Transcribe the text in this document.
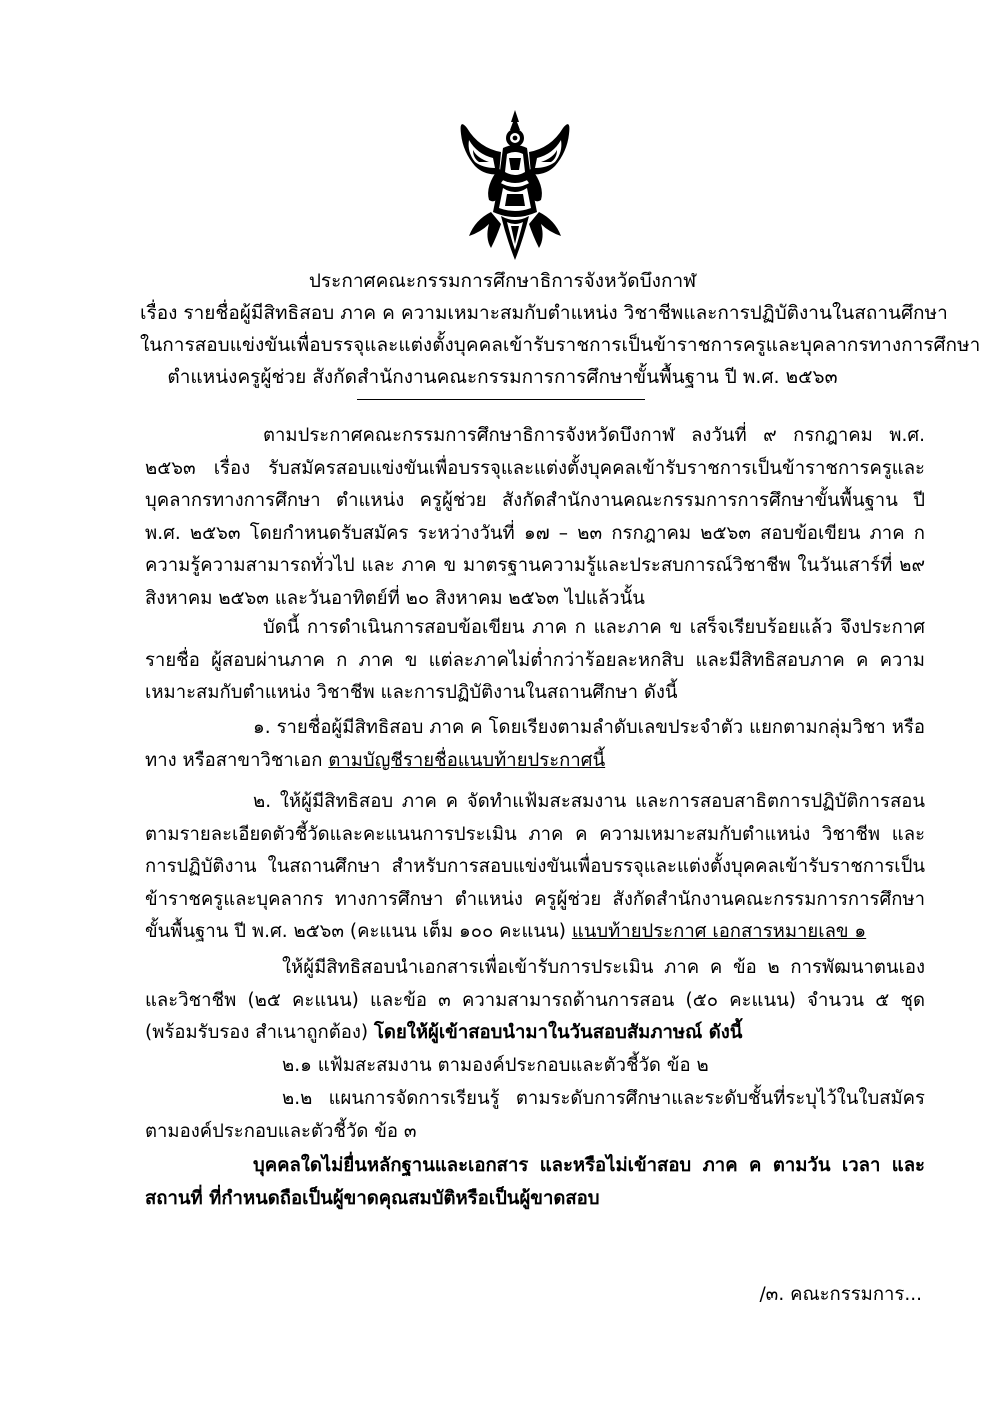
ประกาศคณะกรรมการศึกษาธิการจังหวัดบึงกาฬ
เรื่อง รายชื่อผู้มีสิทธิสอบ ภาค ค ความเหมาะสมกับตำแหน่ง วิชาชีพและการปฏิบัติงานในสถานศึกษา
ในการสอบแข่งขันเพื่อบรรจุและแต่งตั้งบุคคลเข้ารับราชการเป็นข้าราชการครูและบุคลากรทางการศึกษา
ตำแหน่งครูผู้ช่วย สังกัดสำนักงานคณะกรรมการการศึกษาขั้นพื้นฐาน ปี พ.ศ. ๒๕๖๓
ตามประกาศคณะกรรมการศึกษาธิการจังหวัดบึงกาฬ ลงวันที่ ๙ กรกฎาคม พ.ศ. ๒๕๖๓ เรื่อง รับสมัครสอบแข่งขันเพื่อบรรจุและแต่งตั้งบุคคลเข้ารับราชการเป็นข้าราชการครูและบุคลากรทางการศึกษา ตำแหน่ง ครูผู้ช่วย สังกัดสำนักงานคณะกรรมการการศึกษาขั้นพื้นฐาน ปี พ.ศ. ๒๕๖๓ โดยกำหนดรับสมัคร ระหว่างวันที่ ๑๗ – ๒๓ กรกฎาคม ๒๕๖๓ สอบข้อเขียน ภาค ก ความรู้ความสามารถทั่วไป และ ภาค ข มาตรฐานความรู้และประสบการณ์วิชาชีพ ในวันเสาร์ที่ ๒๙ สิงหาคม ๒๕๖๓ และวันอาทิตย์ที่ ๒๐ สิงหาคม ๒๕๖๓ ไปแล้วนั้น
บัดนี้ การดำเนินการสอบข้อเขียน ภาค ก และภาค ข เสร็จเรียบร้อยแล้ว จึงประกาศรายชื่อ ผู้สอบผ่านภาค ก ภาค ข แต่ละภาคไม่ต่ำกว่าร้อยละหกสิบ และมีสิทธิสอบภาค ค ความเหมาะสมกับตำแหน่ง วิชาชีพ และการปฏิบัติงานในสถานศึกษา ดังนี้
๑. รายชื่อผู้มีสิทธิสอบ ภาค ค โดยเรียงตามลำดับเลขประจำตัว แยกตามกลุ่มวิชา หรือทาง หรือสาขาวิชาเอก ตามบัญชีรายชื่อแนบท้ายประกาศนี้
๒. ให้ผู้มีสิทธิสอบ ภาค ค จัดทำแฟ้มสะสมงาน และการสอบสาธิตการปฏิบัติการสอน ตามรายละเอียดตัวชี้วัดและคะแนนการประเมิน ภาค ค ความเหมาะสมกับตำแหน่ง วิชาชีพ และการปฏิบัติงาน ในสถานศึกษา สำหรับการสอบแข่งขันเพื่อบรรจุและแต่งตั้งบุคคลเข้ารับราชการเป็นข้าราชครูและบุคลากร ทางการศึกษา ตำแหน่ง ครูผู้ช่วย สังกัดสำนักงานคณะกรรมการการศึกษาขั้นพื้นฐาน ปี พ.ศ. ๒๕๖๓ (คะแนน เต็ม ๑๐๐ คะแนน) แนบท้ายประกาศ เอกสารหมายเลข ๑
ให้ผู้มีสิทธิสอบนำเอกสารเพื่อเข้ารับการประเมิน ภาค ค ข้อ ๒ การพัฒนาตนเอง และวิชาชีพ (๒๕ คะแนน) และข้อ ๓ ความสามารถด้านการสอน (๕๐ คะแนน) จำนวน ๕ ชุด (พร้อมรับรอง สำเนาถูกต้อง) โดยให้ผู้เข้าสอบนำมาในวันสอบสัมภาษณ์ ดังนี้
๒.๑ แฟ้มสะสมงาน ตามองค์ประกอบและตัวชี้วัด ข้อ ๒
๒.๒ แผนการจัดการเรียนรู้ ตามระดับการศึกษาและระดับชั้นที่ระบุไว้ในใบสมัคร ตามองค์ประกอบและตัวชี้วัด ข้อ ๓
บุคคลใดไม่ยื่นหลักฐานและเอกสาร และหรือไม่เข้าสอบ ภาค ค ตามวัน เวลา และสถานที่ ที่กำหนดถือเป็นผู้ขาดคุณสมบัติหรือเป็นผู้ขาดสอบ
/๓. คณะกรรมการ...
